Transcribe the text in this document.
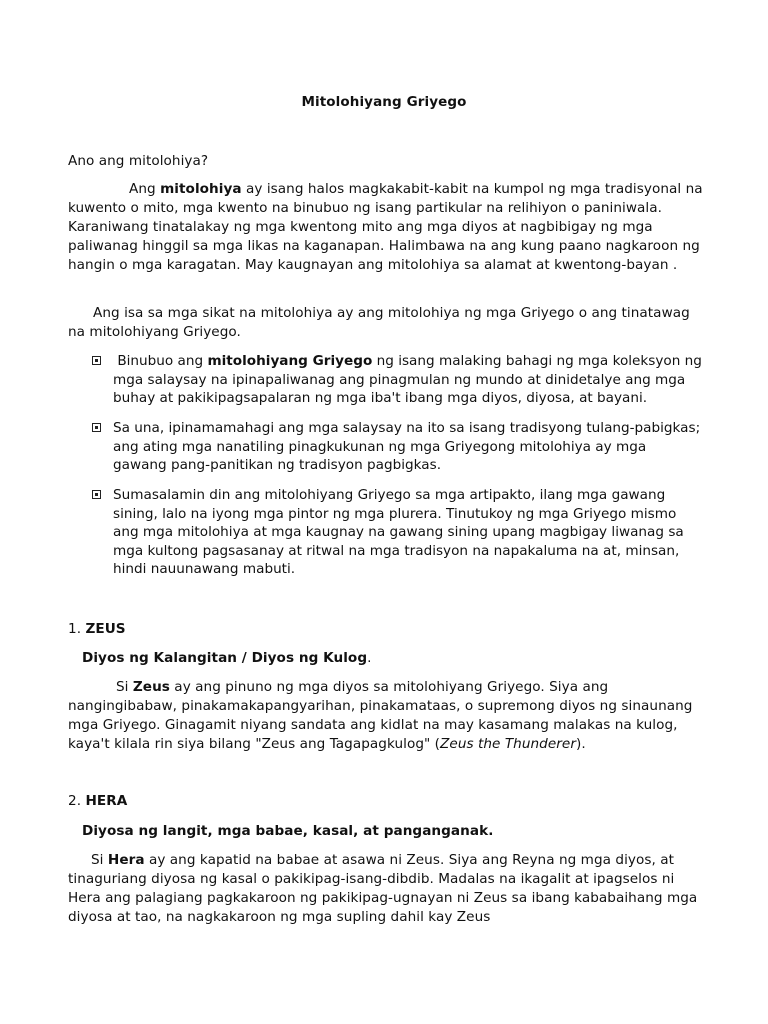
Mitolohiyang Griyego
Ano ang mitolohiya?
Ang mitolohiya ay isang halos magkakabit-kabit na kumpol ng mga tradisyonal na kuwento o mito, mga kwento na binubuo ng isang partikular na relihiyon o paniniwala. Karaniwang tinatalakay ng mga kwentong mito ang mga diyos at nagbibigay ng mga paliwanag hinggil sa mga likas na kaganapan. Halimbawa na ang kung paano nagkaroon ng hangin o mga karagatan. May kaugnayan ang mitolohiya sa alamat at kwentong-bayan .
Ang isa sa mga sikat na mitolohiya ay ang mitolohiya ng mga Griyego o ang tinatawag na mitolohiyang Griyego.
Binubuo ang mitolohiyang Griyego ng isang malaking bahagi ng mga koleksyon ng mga salaysay na ipinapaliwanag ang pinagmulan ng mundo at dinidetalye ang mga buhay at pakikipagsapalaran ng mga iba't ibang mga diyos, diyosa, at bayani.
Sa una, ipinamamahagi ang mga salaysay na ito sa isang tradisyong tulang-pabigkas; ang ating mga nanatiling pinagkukunan ng mga Griyegong mitolohiya ay mga gawang pang-panitikan ng tradisyon pagbigkas.
Sumasalamin din ang mitolohiyang Griyego sa mga artipakto, ilang mga gawang sining, lalo na iyong mga pintor ng mga plurera. Tinutukoy ng mga Griyego mismo ang mga mitolohiya at mga kaugnay na gawang sining upang magbigay liwanag sa mga kultong pagsasanay at ritwal na mga tradisyon na napakaluma na at, minsan, hindi nauunawang mabuti.
1. ZEUS
Diyos ng Kalangitan / Diyos ng Kulog.
Si Zeus ay ang pinuno ng mga diyos sa mitolohiyang Griyego. Siya ang nangingibabaw, pinakamakapangyarihan, pinakamataas, o supremong diyos ng sinaunang mga Griyego. Ginagamit niyang sandata ang kidlat na may kasamang malakas na kulog, kaya't kilala rin siya bilang "Zeus ang Tagapagkulog" (Zeus the Thunderer).
2. HERA
Diyosa ng langit, mga babae, kasal, at panganganak.
Si Hera ay ang kapatid na babae at asawa ni Zeus. Siya ang Reyna ng mga diyos, at tinaguriang diyosa ng kasal o pakikipag-isang-dibdib. Madalas na ikagalit at ipagselos ni Hera ang palagiang pagkakaroon ng pakikipag-ugnayan ni Zeus sa ibang kababaihang mga diyosa at tao, na nagkakaroon ng mga supling dahil kay Zeus
